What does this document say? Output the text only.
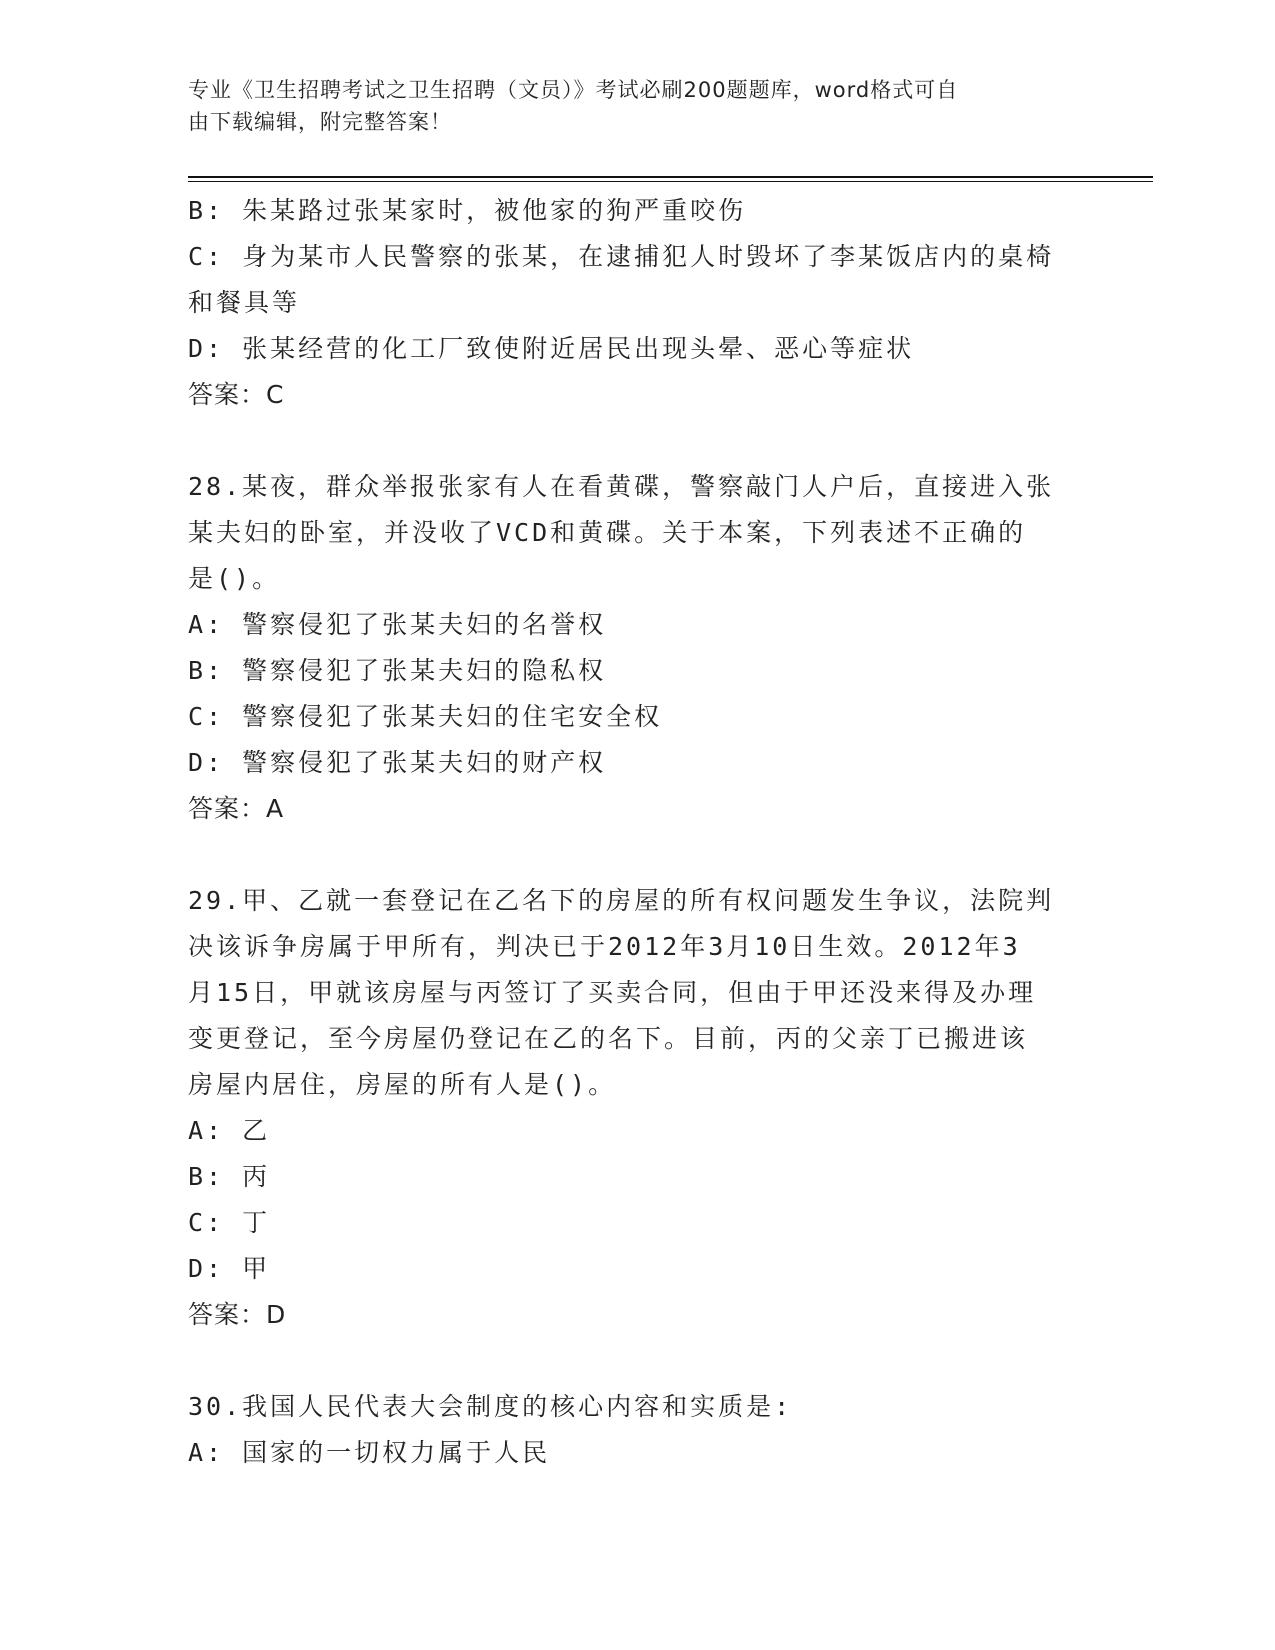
专业《卫生招聘考试之卫生招聘（文员）》考试必刷200题题库，word格式可自
由下载编辑，附完整答案！
B: 朱某路过张某家时，被他家的狗严重咬伤
C: 身为某市人民警察的张某，在逮捕犯人时毁坏了李某饭店内的桌椅
和餐具等
D: 张某经营的化工厂致使附近居民出现头晕、恶心等症状
答案：C
28.某夜，群众举报张家有人在看黄碟，警察敲门人户后，直接进入张
某夫妇的卧室，并没收了VCD和黄碟。关于本案，下列表述不正确的
是()。
A: 警察侵犯了张某夫妇的名誉权
B: 警察侵犯了张某夫妇的隐私权
C: 警察侵犯了张某夫妇的住宅安全权
D: 警察侵犯了张某夫妇的财产权
答案：A
29.甲、乙就一套登记在乙名下的房屋的所有权问题发生争议，法院判
决该诉争房属于甲所有，判决已于2012年3月10日生效。2012年3
月15日，甲就该房屋与丙签订了买卖合同，但由于甲还没来得及办理
变更登记，至今房屋仍登记在乙的名下。目前，丙的父亲丁已搬进该
房屋内居住，房屋的所有人是()。
A: 乙
B: 丙
C: 丁
D: 甲
答案：D
30.我国人民代表大会制度的核心内容和实质是:
A: 国家的一切权力属于人民
